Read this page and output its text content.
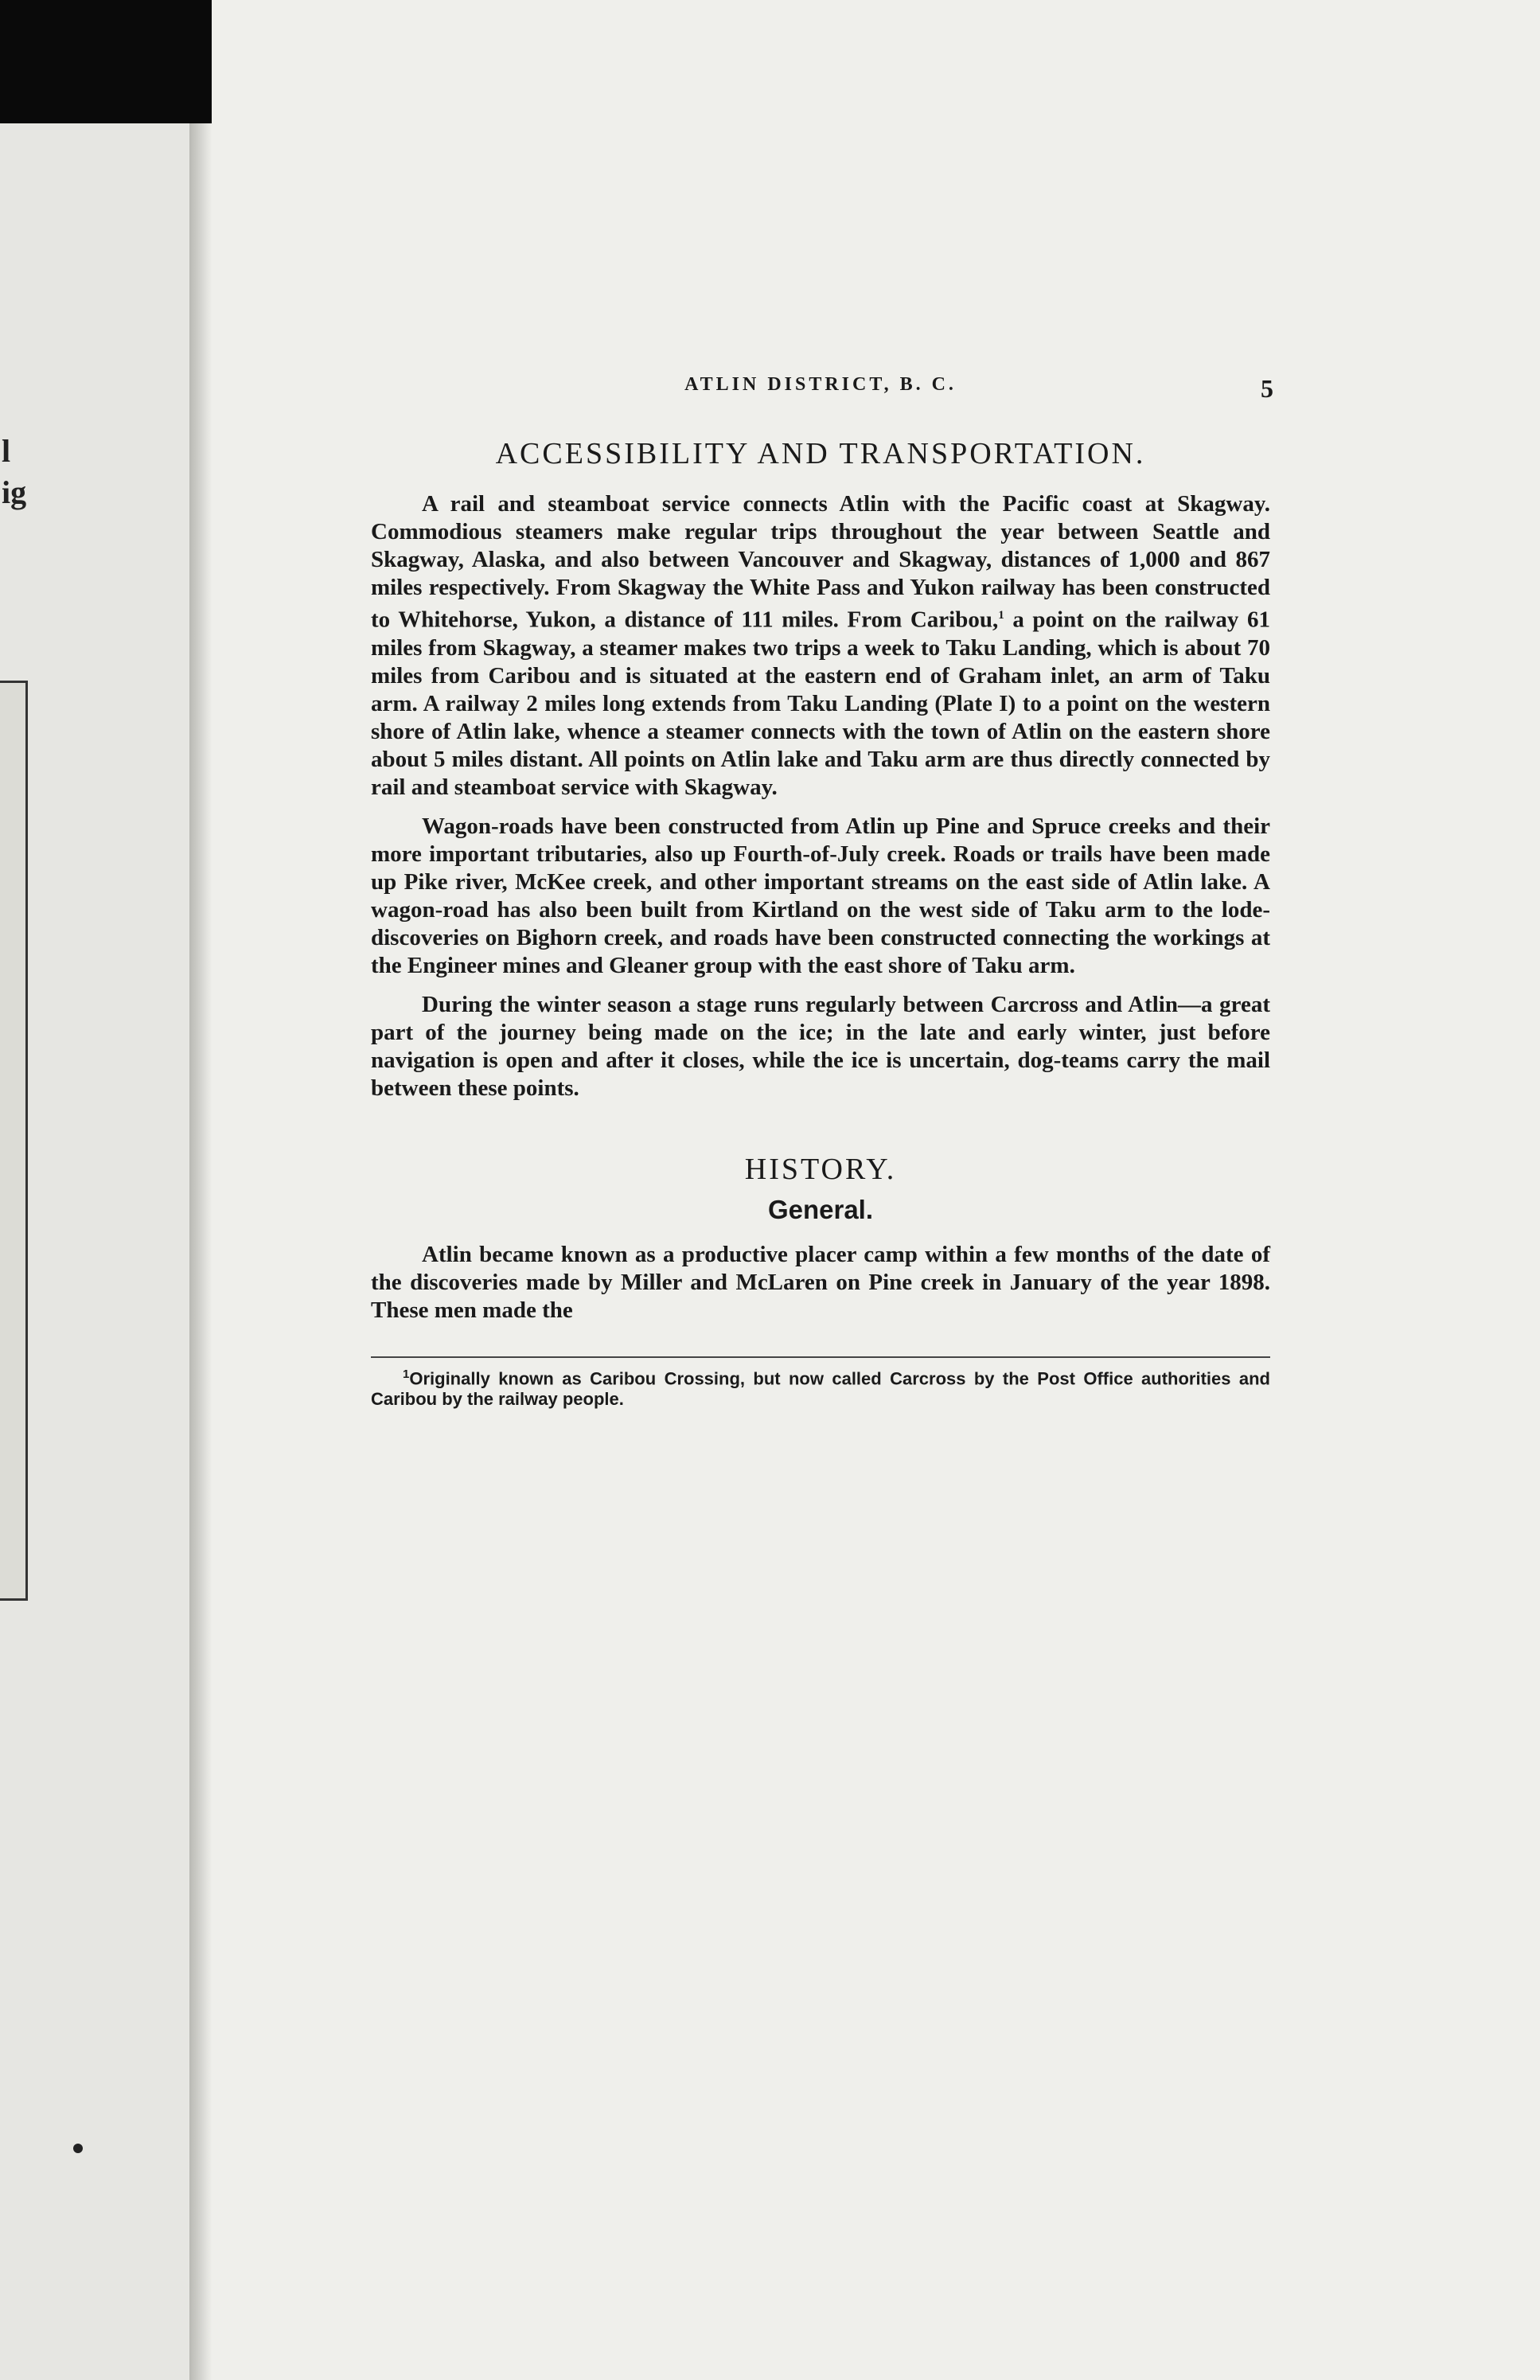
l
ig
ATLIN DISTRICT, B. C.	5
ACCESSIBILITY AND TRANSPORTATION.

A rail and steamboat service connects Atlin with the Pacific coast at Skagway. Commodious steamers make regular trips throughout the year between Seattle and Skagway, Alaska, and also between Vancouver and Skagway, distances of 1,000 and 867 miles respectively. From Skagway the White Pass and Yukon railway has been constructed to Whitehorse, Yukon, a distance of 111 miles. From Caribou,$^1$ a point on the railway 61 miles from Skagway, a steamer makes two trips a week to Taku Landing, which is about 70 miles from Caribou and is situated at the eastern end of Graham inlet, an arm of Taku arm. A railway 2 miles long extends from Taku Landing (Plate I) to a point on the western shore of Atlin lake, whence a steamer connects with the town of Atlin on the eastern shore about 5 miles distant. All points on Atlin lake and Taku arm are thus directly connected by rail and steamboat service with Skagway.

Wagon-roads have been constructed from Atlin up Pine and Spruce creeks and their more important tributaries, also up Fourth-of-July creek. Roads or trails have been made up Pike river, McKee creek, and other important streams on the east side of Atlin lake. A wagon-road has also been built from Kirtland on the west side of Taku arm to the lode-discoveries on Bighorn creek, and roads have been constructed connecting the workings at the Engineer mines and Gleaner group with the east shore of Taku arm.

During the winter season a stage runs regularly between Carcross and Atlin—a great part of the journey being made on the ice; in the late and early winter, just before navigation is open and after it closes, while the ice is uncertain, dog-teams carry the mail between these points.

HISTORY.
General.

Atlin became known as a productive placer camp within a few months of the date of the discoveries made by Miller and McLaren on Pine creek in January of the year 1898. These men made the

$^1$Originally known as Caribou Crossing, but now called Carcross by the Post Office authorities and Caribou by the railway people.
